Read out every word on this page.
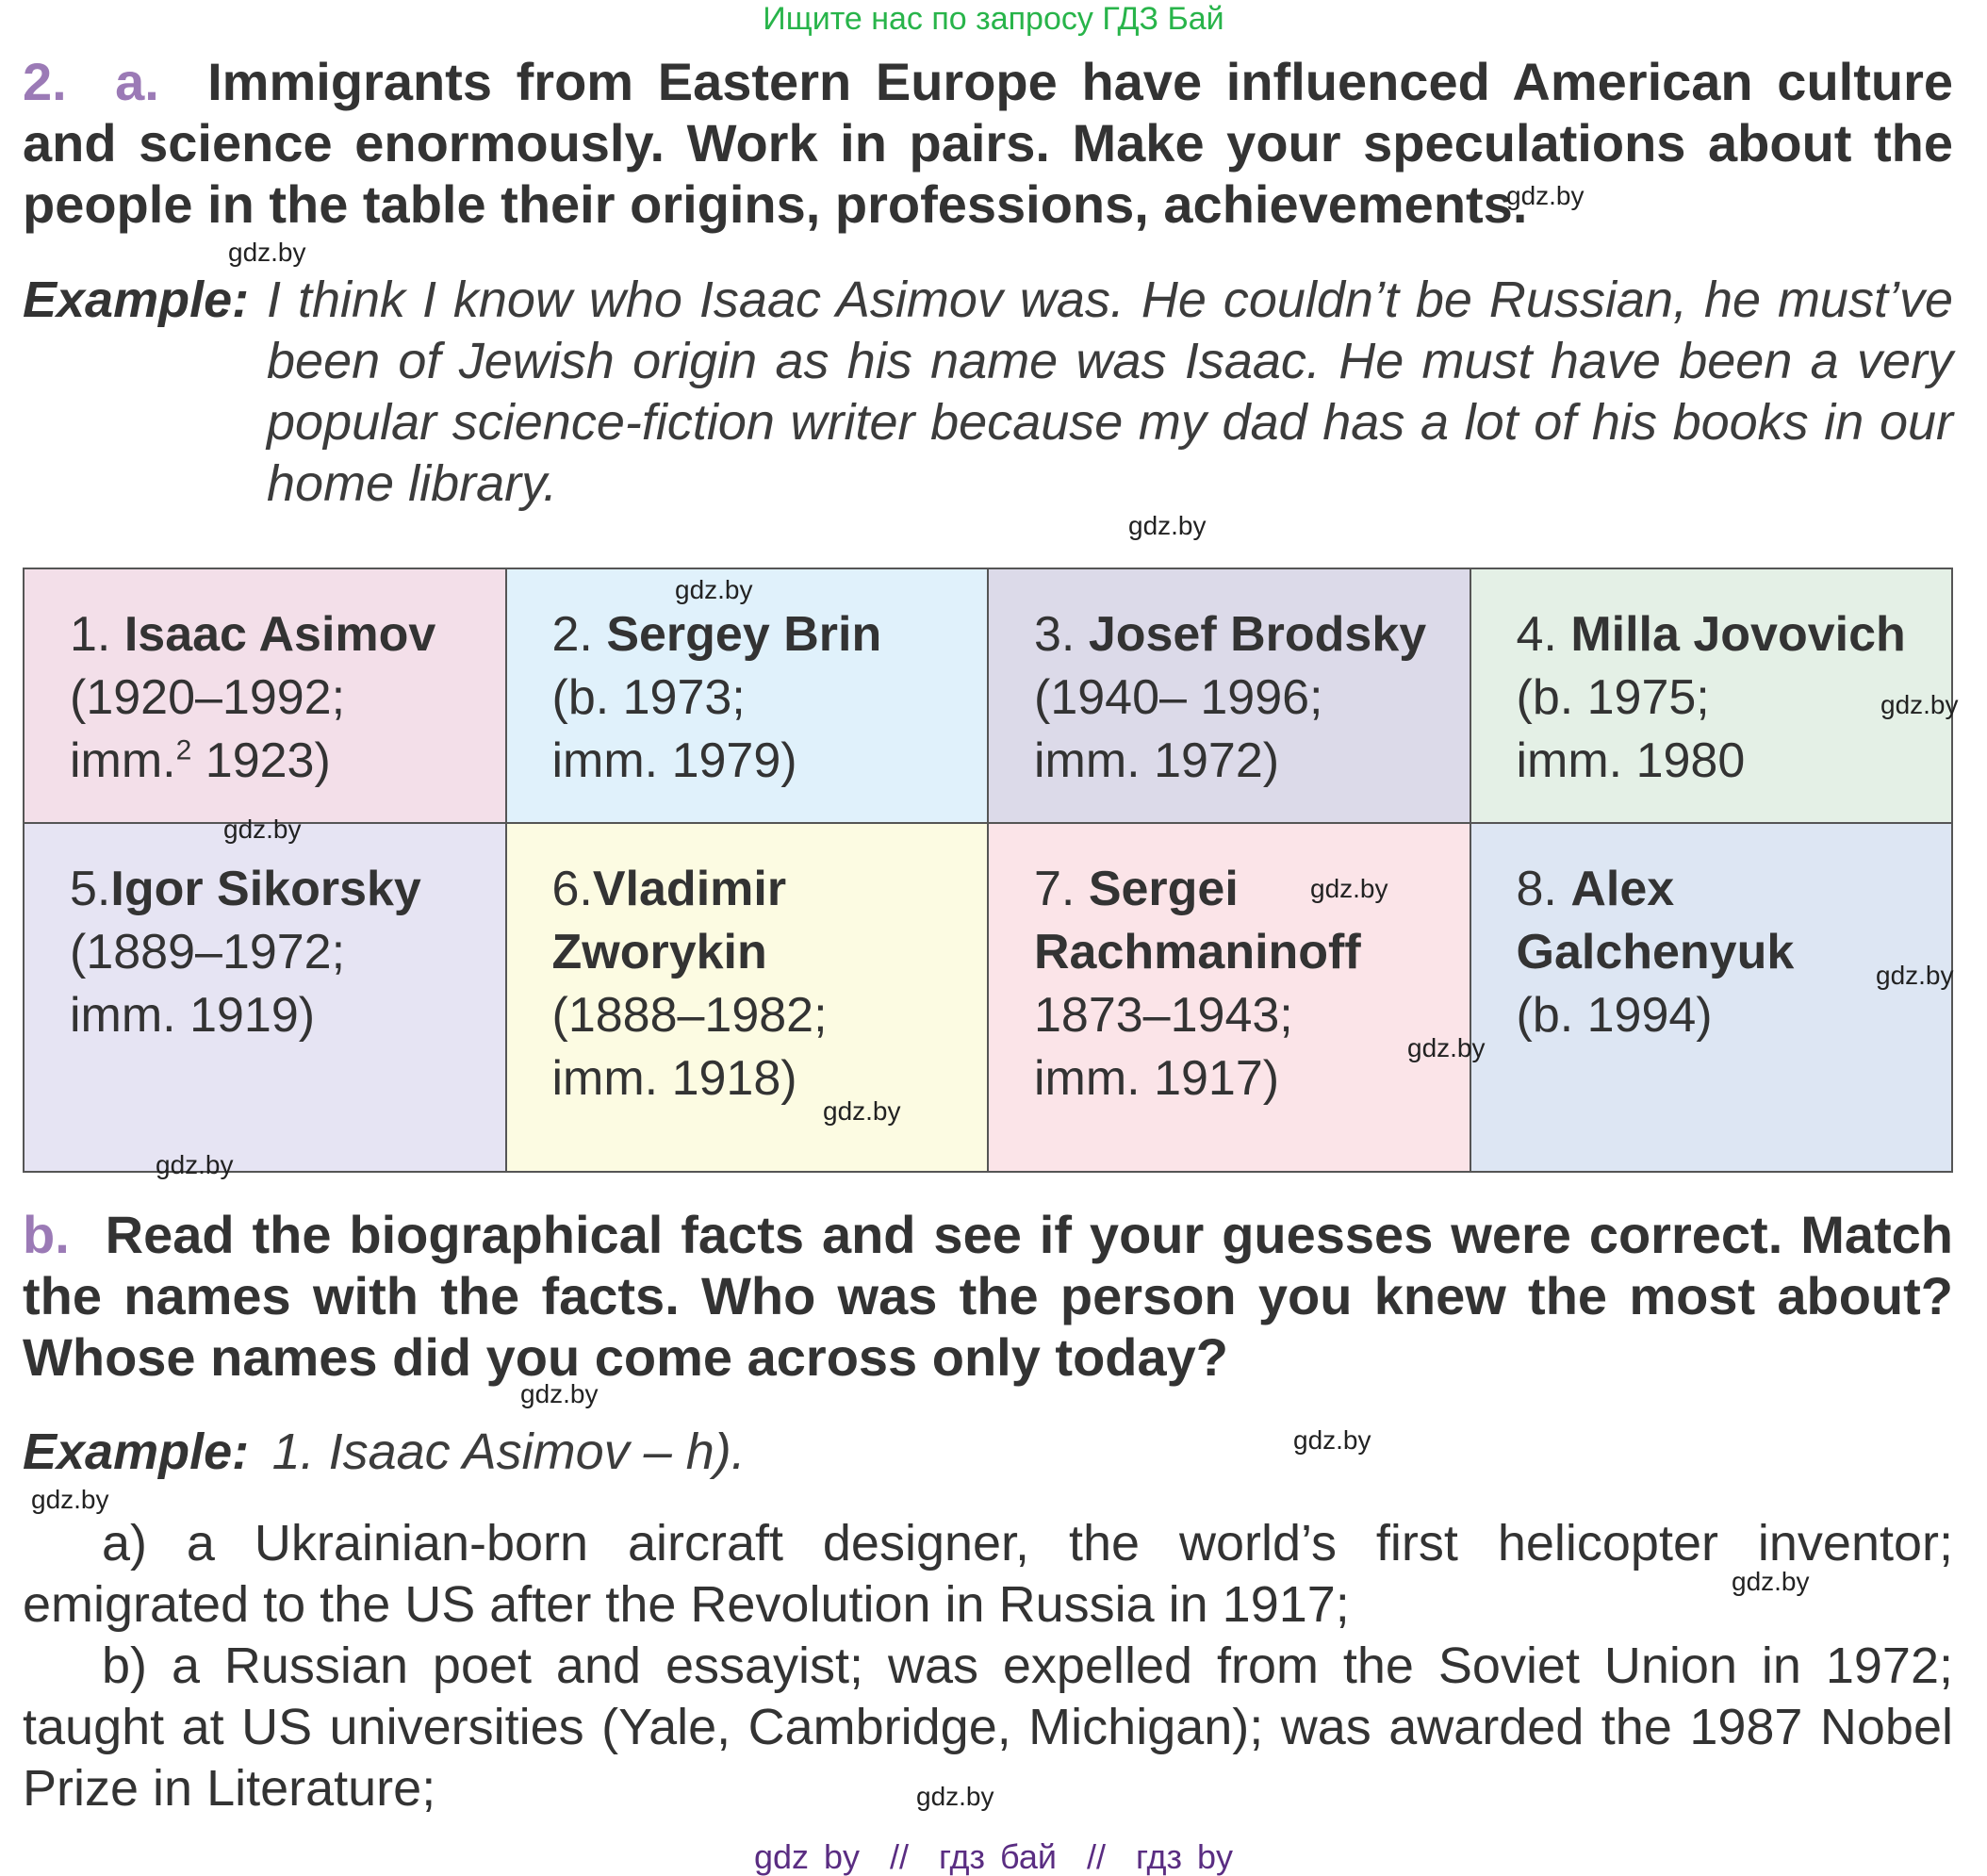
Ищите нас по запросу ГДЗ Бай
2. a. Immigrants from Eastern Europe have influenced American culture and science enormously. Work in pairs. Make your speculations about the people in the table their origins, professions, achievements.
Example: I think I know who Isaac Asimov was. He couldn’t be Russian, he must’ve been of Jewish origin as his name was Isaac. He must have been a very popular science-fiction writer because my dad has a lot of his books in our home library.
1. Isaac Asimov
(1920–1992;
imm.$^2$ 1923)	2. Sergey Brin
(b. 1973;
imm. 1979)	3. Josef Brodsky
(1940– 1996;
imm. 1972)	4. Milla Jovovich
(b. 1975;
imm. 1980

5.Igor Sikorsky
(1889–1972;
imm. 1919)	6.Vladimir Zworykin
(1888–1982;
imm. 1918)	7. Sergei Rachmaninoff
1873–1943;
imm. 1917)	8. Alex Galchenyuk
(b. 1994)
b. Read the biographical facts and see if your guesses were correct. Match the names with the facts. Who was the person you knew the most about? Whose names did you come across only today?
Example: 1. Isaac Asimov – h).
a) a Ukrainian-born aircraft designer, the world’s first helicopter inventor; emigrated to the US after the Revolution in Russia in 1917;
b) a Russian poet and essayist; was expelled from the Soviet Union in 1972; taught at US universities (Yale, Cambridge, Michigan); was awarded the 1987 Nobel Prize in Literature;
gdz.by
gdz.by
gdz.by
gdz.by
gdz.by
gdz.by
gdz.by
gdz.by
gdz.by
gdz.by
gdz.by
gdz.by
gdz.by
gdz.by
gdz.by
gdz.by
gdz by  //  гдз бай  //  гдз by
